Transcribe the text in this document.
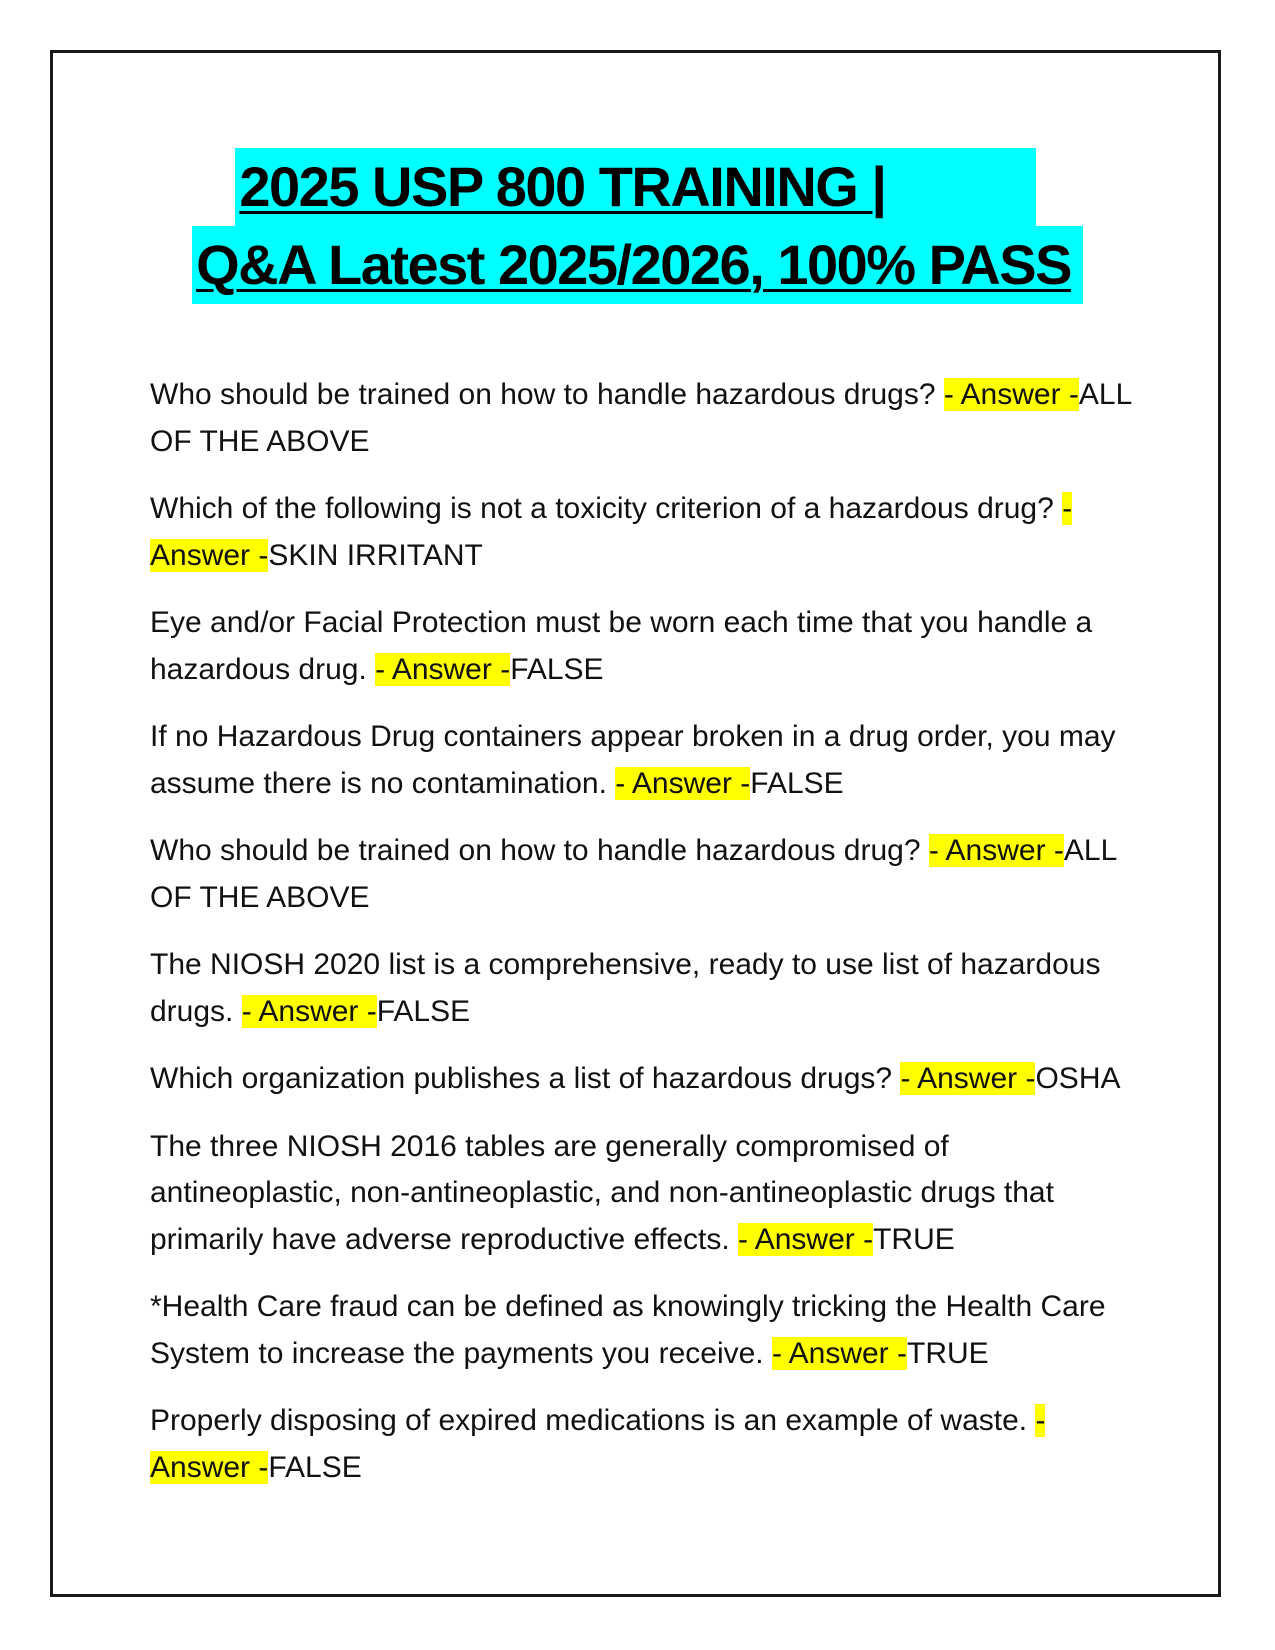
2025 USP 800 TRAINING |
Q&A Latest 2025/2026, 100% PASS

Who should be trained on how to handle hazardous drugs? - Answer -ALL OF THE ABOVE

Which of the following is not a toxicity criterion of a hazardous drug? - Answer -SKIN IRRITANT

Eye and/or Facial Protection must be worn each time that you handle a hazardous drug. - Answer -FALSE

If no Hazardous Drug containers appear broken in a drug order, you may assume there is no contamination. - Answer -FALSE

Who should be trained on how to handle hazardous drug? - Answer -ALL OF THE ABOVE

The NIOSH 2020 list is a comprehensive, ready to use list of hazardous drugs. - Answer -FALSE

Which organization publishes a list of hazardous drugs? - Answer -OSHA

The three NIOSH 2016 tables are generally compromised of antineoplastic, non-antineoplastic, and non-antineoplastic drugs that primarily have adverse reproductive effects. - Answer -TRUE

*Health Care fraud can be defined as knowingly tricking the Health Care System to increase the payments you receive. - Answer -TRUE

Properly disposing of expired medications is an example of waste. - Answer -FALSE
